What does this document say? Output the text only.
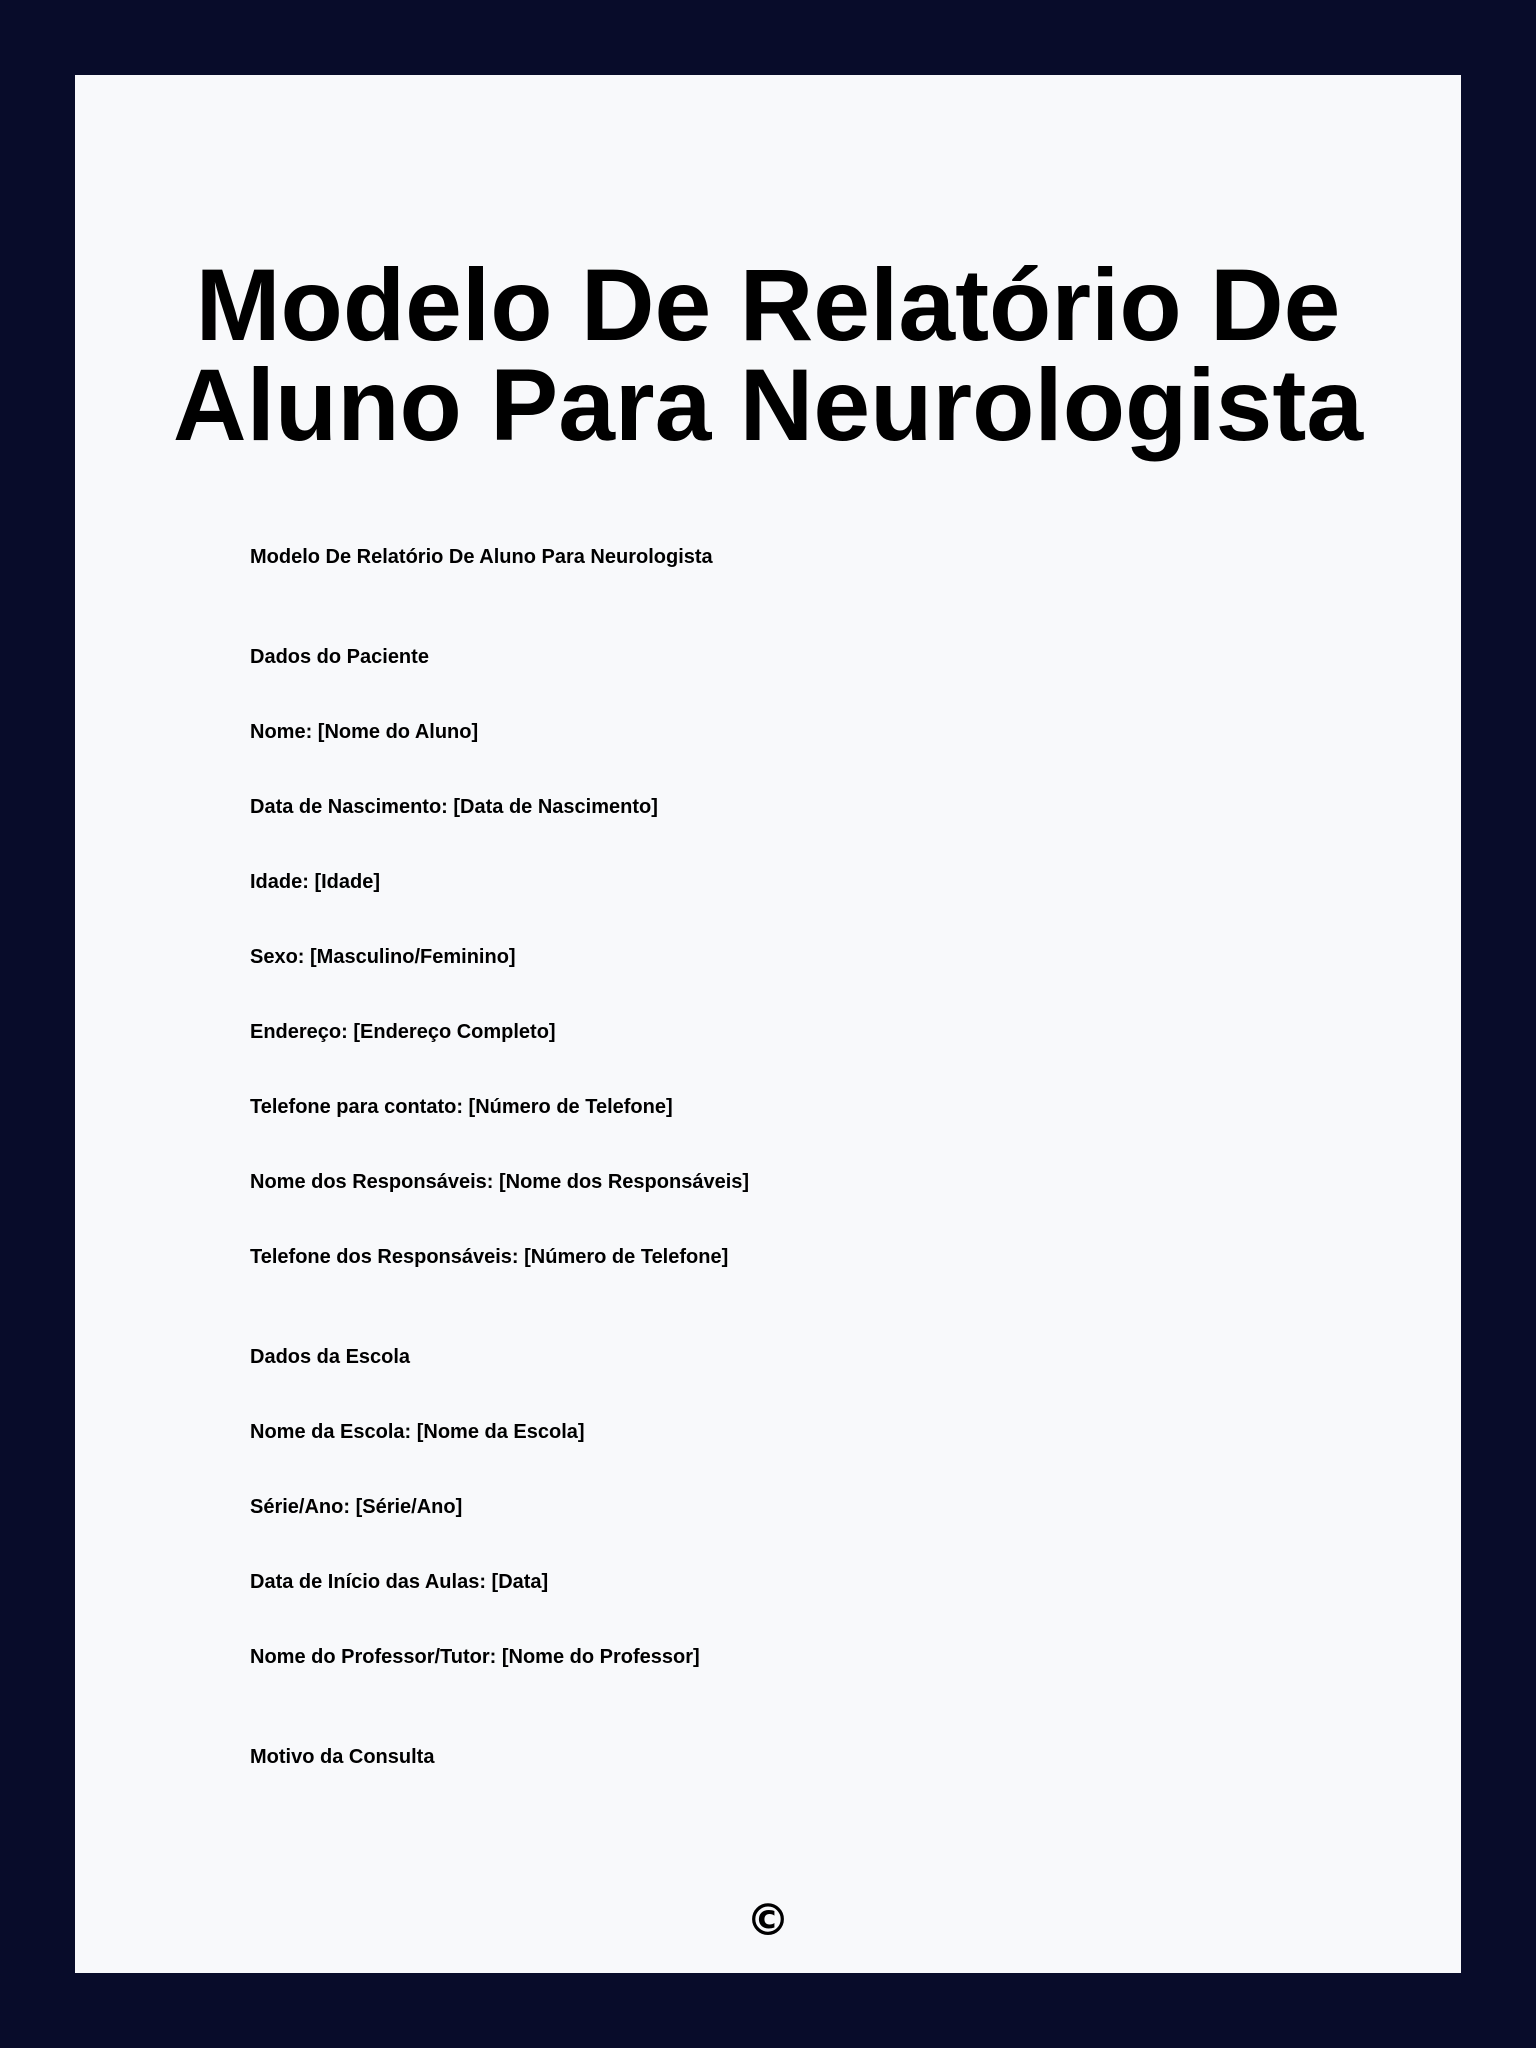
Modelo De Relatório De
Aluno Para Neurologista

Modelo De Relatório De Aluno Para Neurologista

Dados do Paciente

Nome: [Nome do Aluno]

Data de Nascimento: [Data de Nascimento]

Idade: [Idade]

Sexo: [Masculino/Feminino]

Endereço: [Endereço Completo]

Telefone para contato: [Número de Telefone]

Nome dos Responsáveis: [Nome dos Responsáveis]

Telefone dos Responsáveis: [Número de Telefone]

Dados da Escola

Nome da Escola: [Nome da Escola]

Série/Ano: [Série/Ano]

Data de Início das Aulas: [Data]

Nome do Professor/Tutor: [Nome do Professor]

Motivo da Consulta

©
